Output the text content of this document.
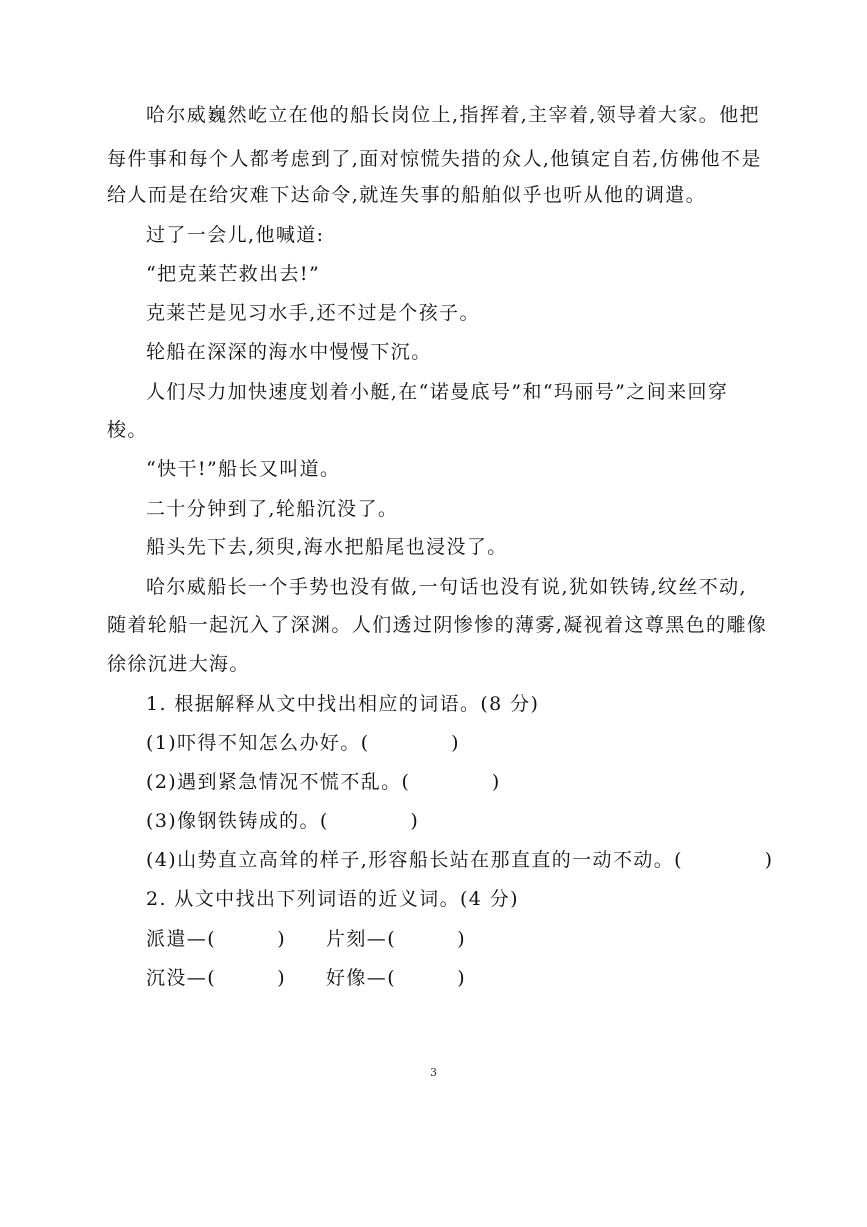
哈尔威巍然屹立在他的船长岗位上,指挥着,主宰着,领导着大家。他把
每件事和每个人都考虑到了,面对惊慌失措的众人,他镇定自若,仿佛他不是
给人而是在给灾难下达命令,就连失事的船舶似乎也听从他的调遣。
过了一会儿,他喊道:
“把克莱芒救出去!”
克莱芒是见习水手,还不过是个孩子。
轮船在深深的海水中慢慢下沉。
人们尽力加快速度划着小艇,在“诺曼底号”和“玛丽号”之间来回穿
梭。
“快干!”船长又叫道。
二十分钟到了,轮船沉没了。
船头先下去,须臾,海水把船尾也浸没了。
哈尔威船长一个手势也没有做,一句话也没有说,犹如铁铸,纹丝不动,
随着轮船一起沉入了深渊。人们透过阴惨惨的薄雾,凝视着这尊黑色的雕像
徐徐沉进大海。
1. 根据解释从文中找出相应的词语。(8 分)
(1)吓得不知怎么办好。(　　　　)
(2)遇到紧急情况不慌不乱。(　　　　)
(3)像钢铁铸成的。(　　　　)
(4)山势直立高耸的样子,形容船长站在那直直的一动不动。(　　　　)
2. 从文中找出下列词语的近义词。(4 分)
派遣—(　　　) 片刻—(　　　)
沉没—(　　　) 好像—(　　　)
3
